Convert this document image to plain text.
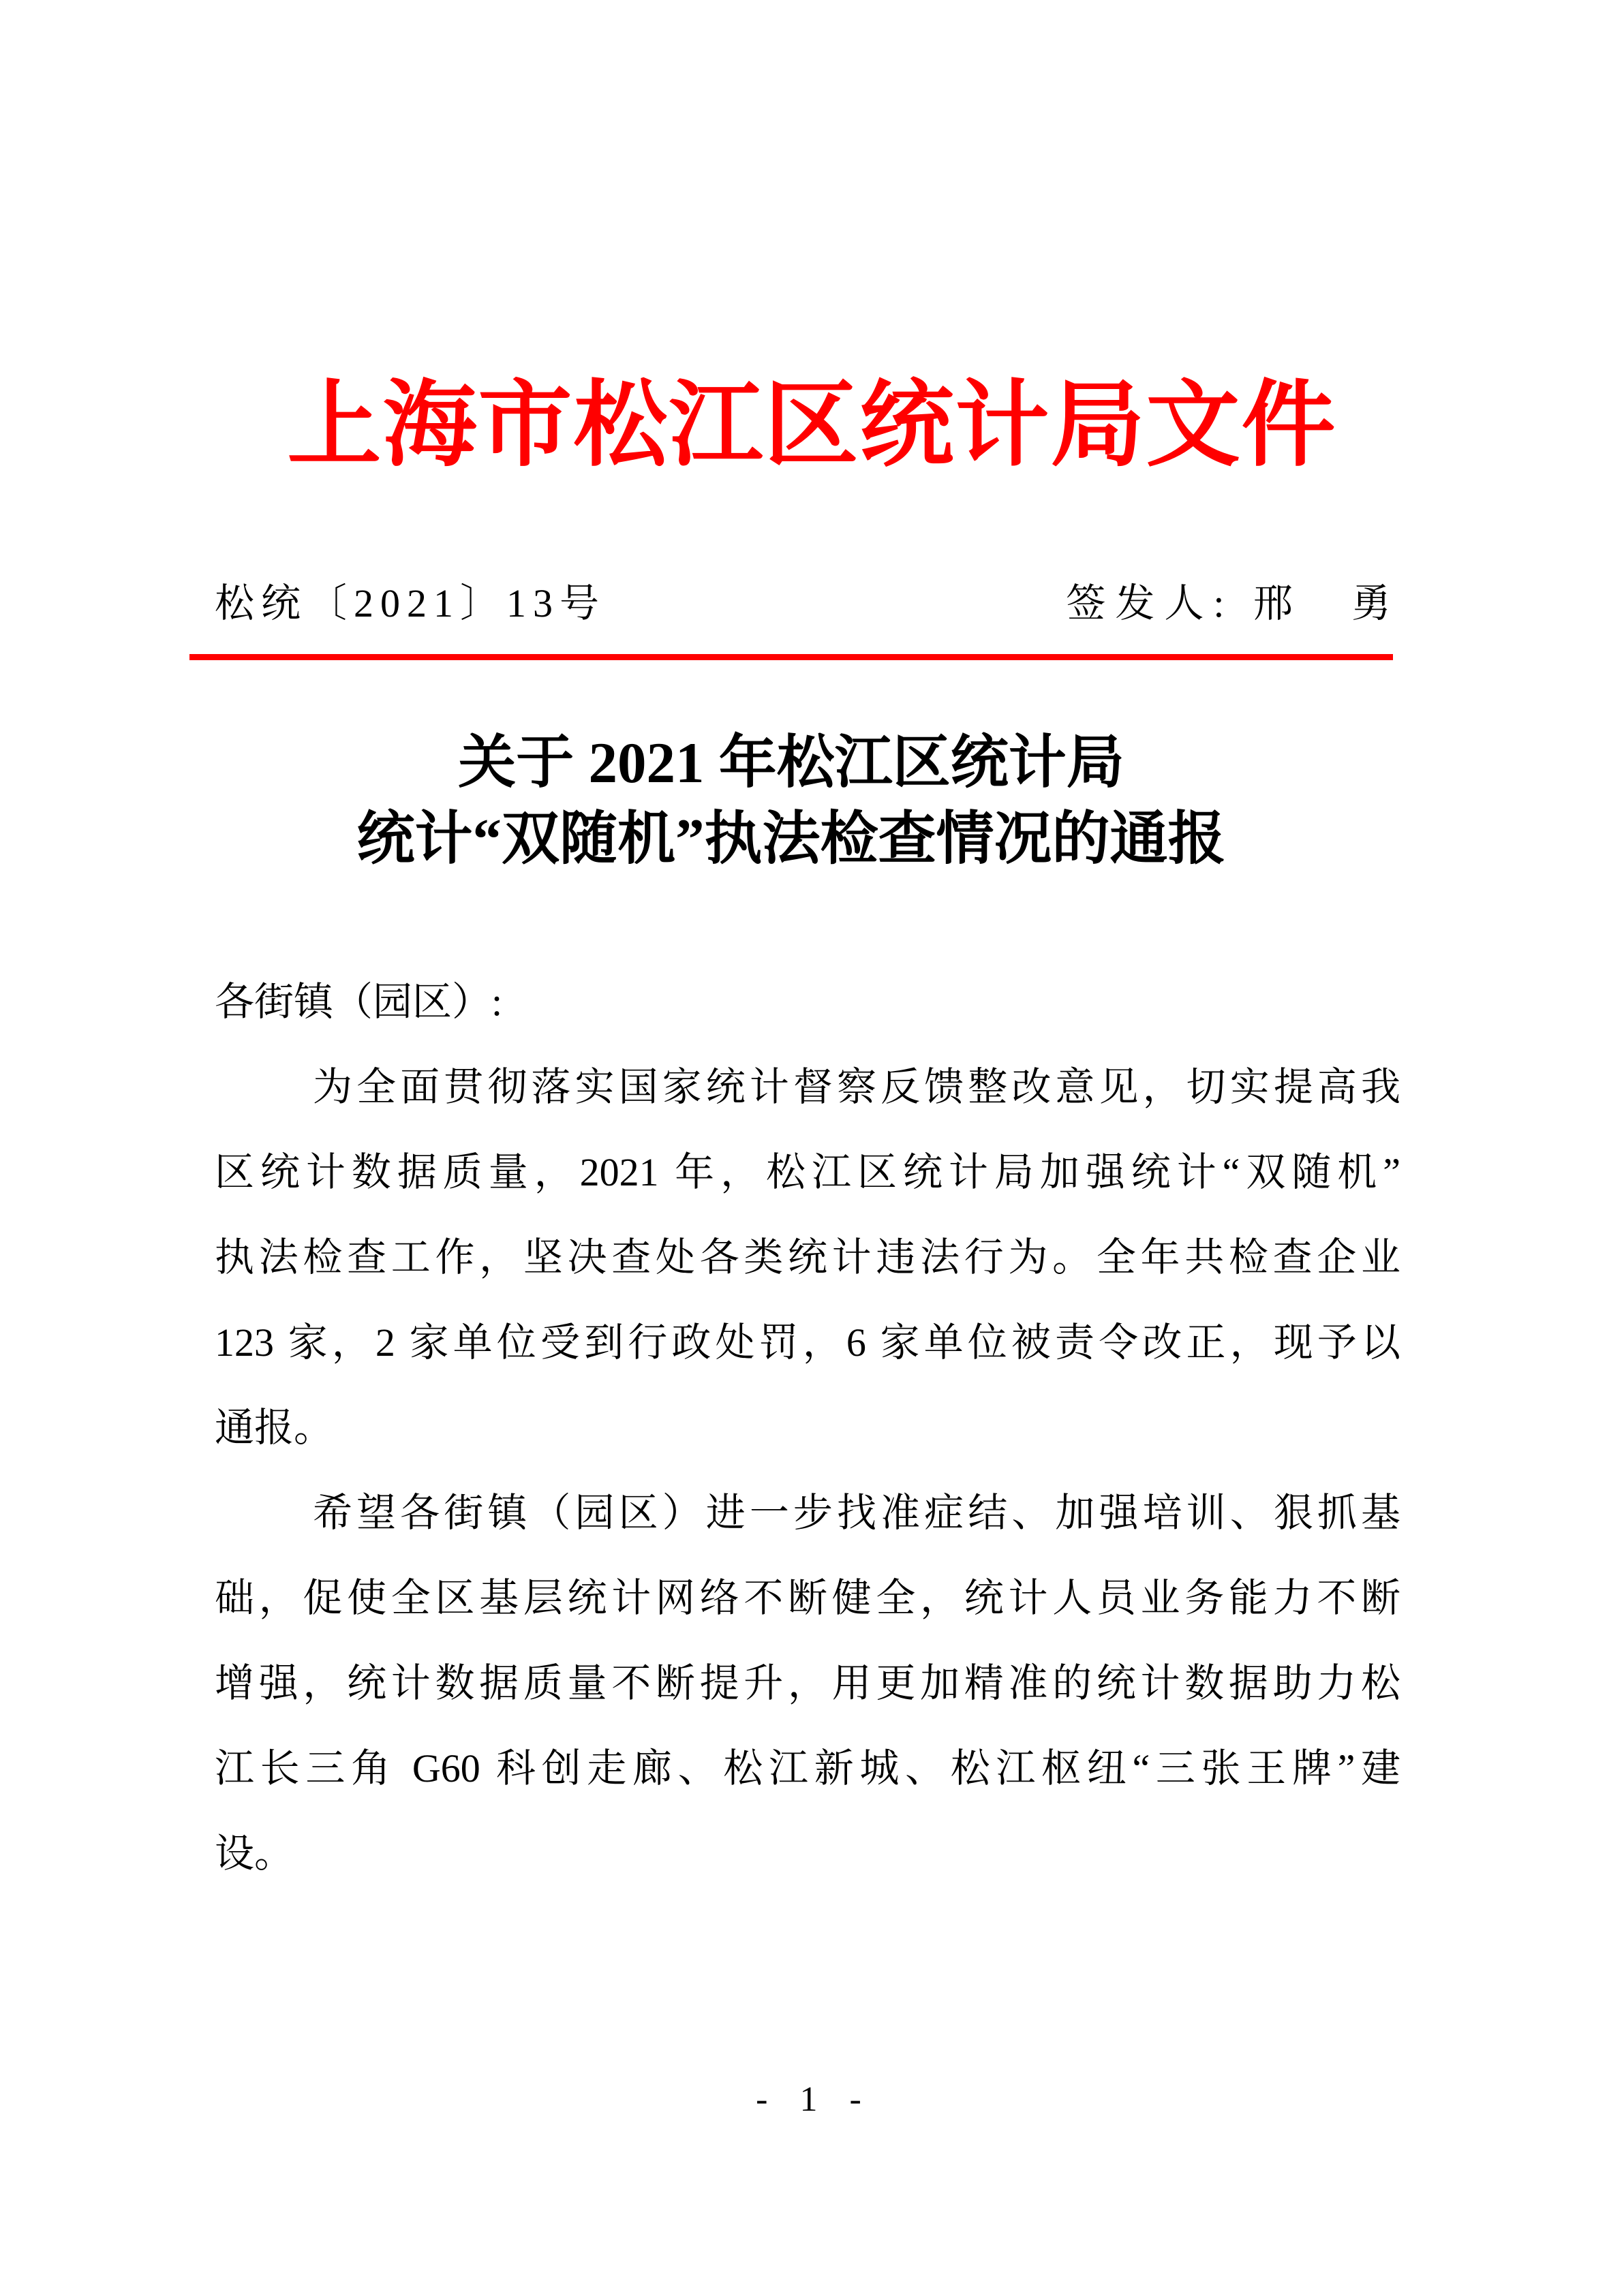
上海市松江区统计局文件
松统〔2021〕13号	签发人: 邢　勇
关于 2021 年松江区统计局
统计“双随机”执法检查情况的通报
各街镇（园区）:
为全面贯彻落实国家统计督察反馈整改意见，切实提高我
区统计数据质量，2021 年，松江区统计局加强统计“双随机”
执法检查工作，坚决查处各类统计违法行为。全年共检查企业
123 家，2 家单位受到行政处罚，6 家单位被责令改正，现予以
通报。
希望各街镇（园区）进一步找准症结、加强培训、狠抓基
础，促使全区基层统计网络不断健全，统计人员业务能力不断
增强，统计数据质量不断提升，用更加精准的统计数据助力松
江长三角 G60 科创走廊、松江新城、松江枢纽“三张王牌”建
设。
- 1 -
